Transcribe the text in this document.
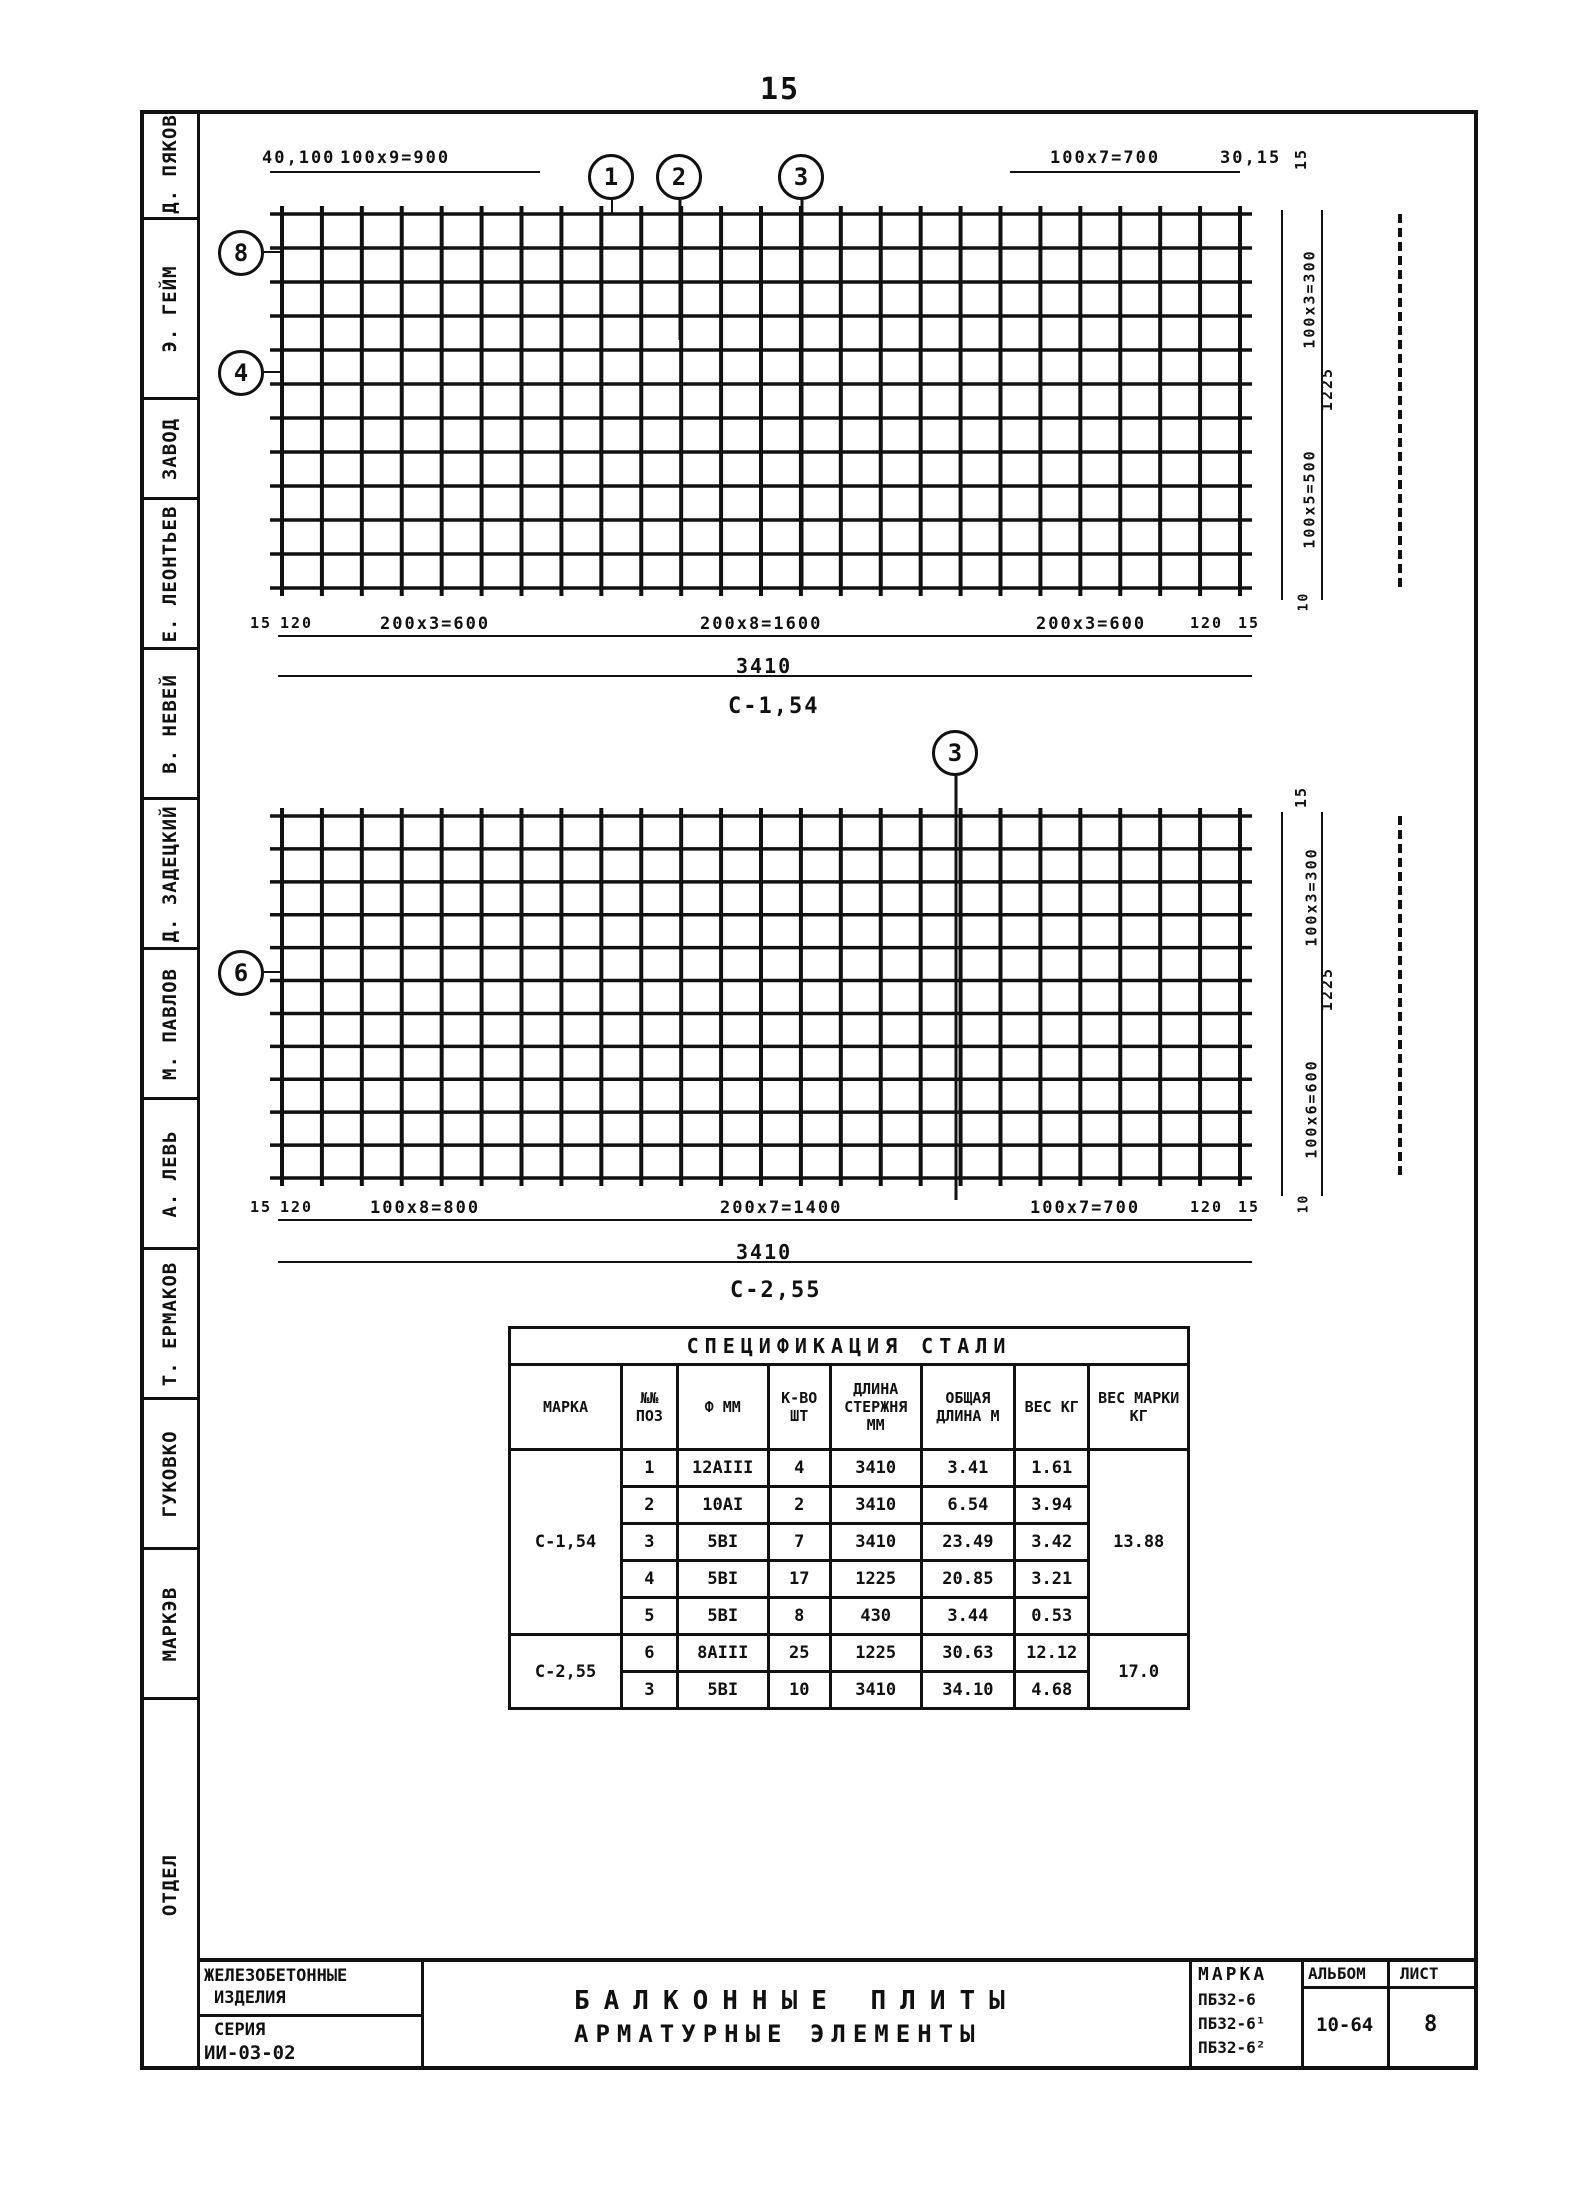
15
Д. ПЯКОВ
Э. ГЕЙМ
ЗАВОД
Е. ЛЕОНТЬЕВ
В. НЕВЕЙ
Д. ЗАДЕЦКИЙ
М. ПАВЛОВ
А. ЛЕВЬ
Т. ЕРМАКОВ
ГУКОВКО
МАРКЭВ
ОТДЕЛ
40,100 100х9=900	100х7=700	30,15
1	2	3
8
4
15
100х3=300
1225
100х5=500
10
15 120	200х3=600	200х8=1600	200х3=600	120 15
3410
С-1,54
3
6
15
100х3=300
1225
100х6=600
10
15 120	100х8=800	200х7=1400	100х7=700	120 15
3410
С-2,55
СПЕЦИФИКАЦИЯ СТАЛИ							
МАРКА	№№ ПОЗ	Ф ММ	К-ВО ШТ	ДЛИНА СТЕРЖНЯ ММ	ОБЩАЯ ДЛИНА М	ВЕС КГ	ВЕС МАРКИ КГ
С-1,54	1	12АIII	4	3410	3.41	1.61	13.88
	2	10АI	2	3410	6.54	3.94	
	3	5ВI	7	3410	23.49	3.42	
	4	5ВI	17	1225	20.85	3.21	
	5	5ВI	8	430	3.44	0.53	
С-2,55	6	8АIII	25	1225	30.63	12.12	17.0
	3	5ВI	10	3410	34.10	4.68	
ЖЕЛЕЗОБЕТОННЫЕ
ИЗДЕЛИЯ
СЕРИЯ
ИИ-03-02
БАЛКОННЫЕ ПЛИТЫ
АРМАТУРНЫЕ ЭЛЕМЕНТЫ
МАРКА
ПБ32-6
ПБ32-6¹
ПБ32-6²
АЛЬБОМ
10-64
ЛИСТ
8
